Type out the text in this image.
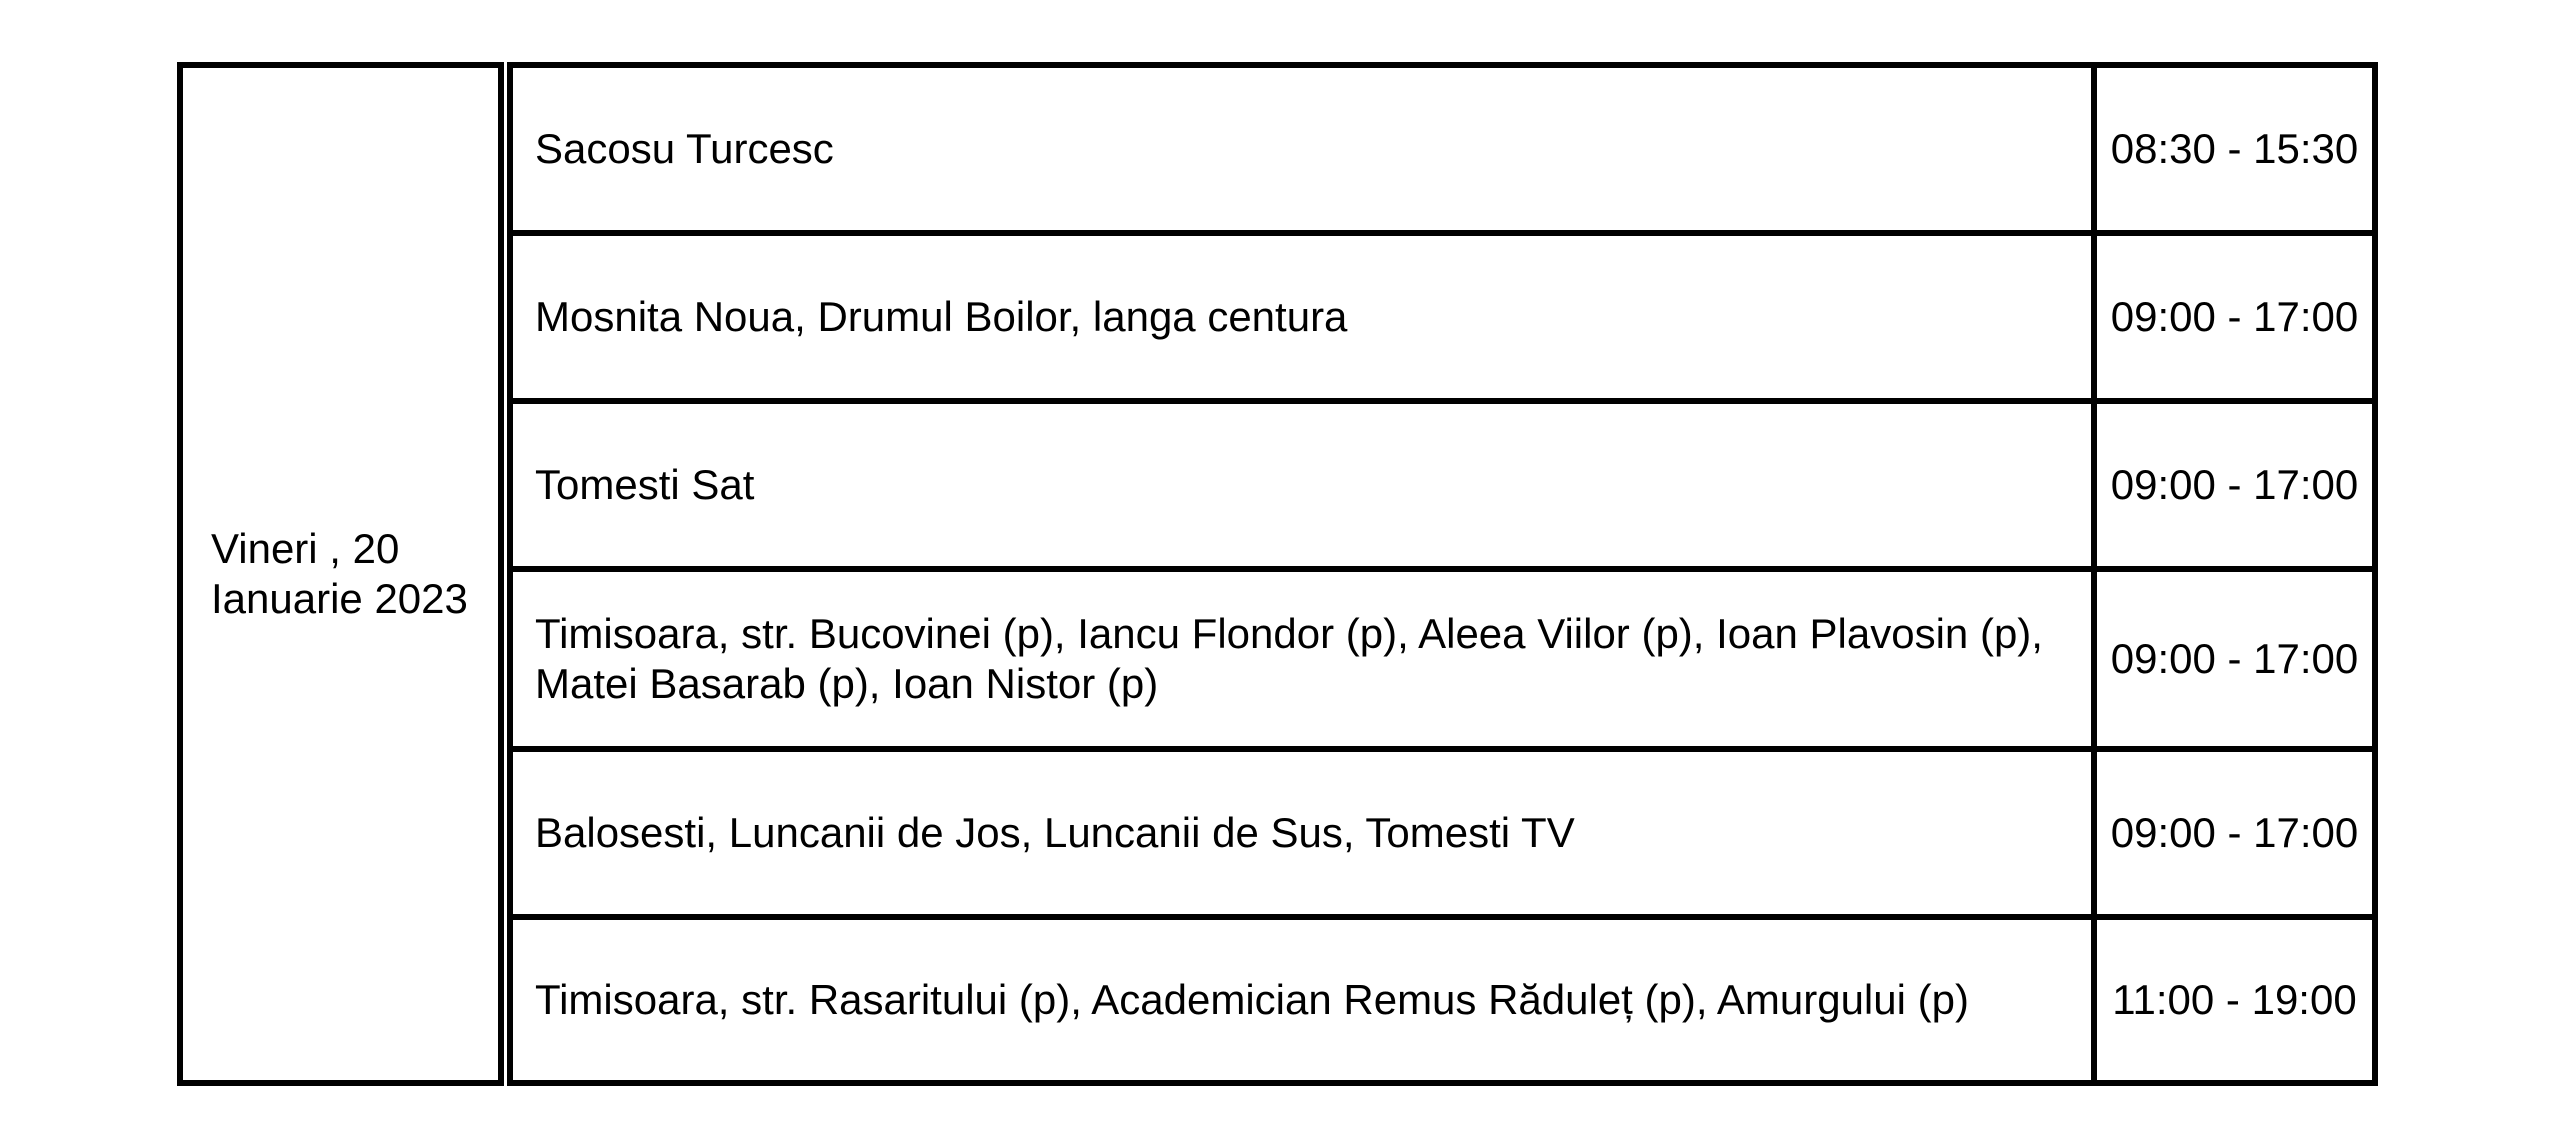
Vineri , 20 Ianuarie 2023
Sacosu Turcesc	08:30 - 15:30
Mosnita Noua, Drumul Boilor, langa centura	09:00 - 17:00
Tomesti Sat	09:00 - 17:00
Timisoara, str. Bucovinei (p), Iancu Flondor (p), Aleea Viilor (p), Ioan Plavosin (p), Matei Basarab (p), Ioan Nistor (p)	09:00 - 17:00
Balosesti, Luncanii de Jos, Luncanii de Sus, Tomesti TV	09:00 - 17:00
Timisoara, str. Rasaritului (p), Academician Remus Răduleț (p), Amurgului (p)	11:00 - 19:00
